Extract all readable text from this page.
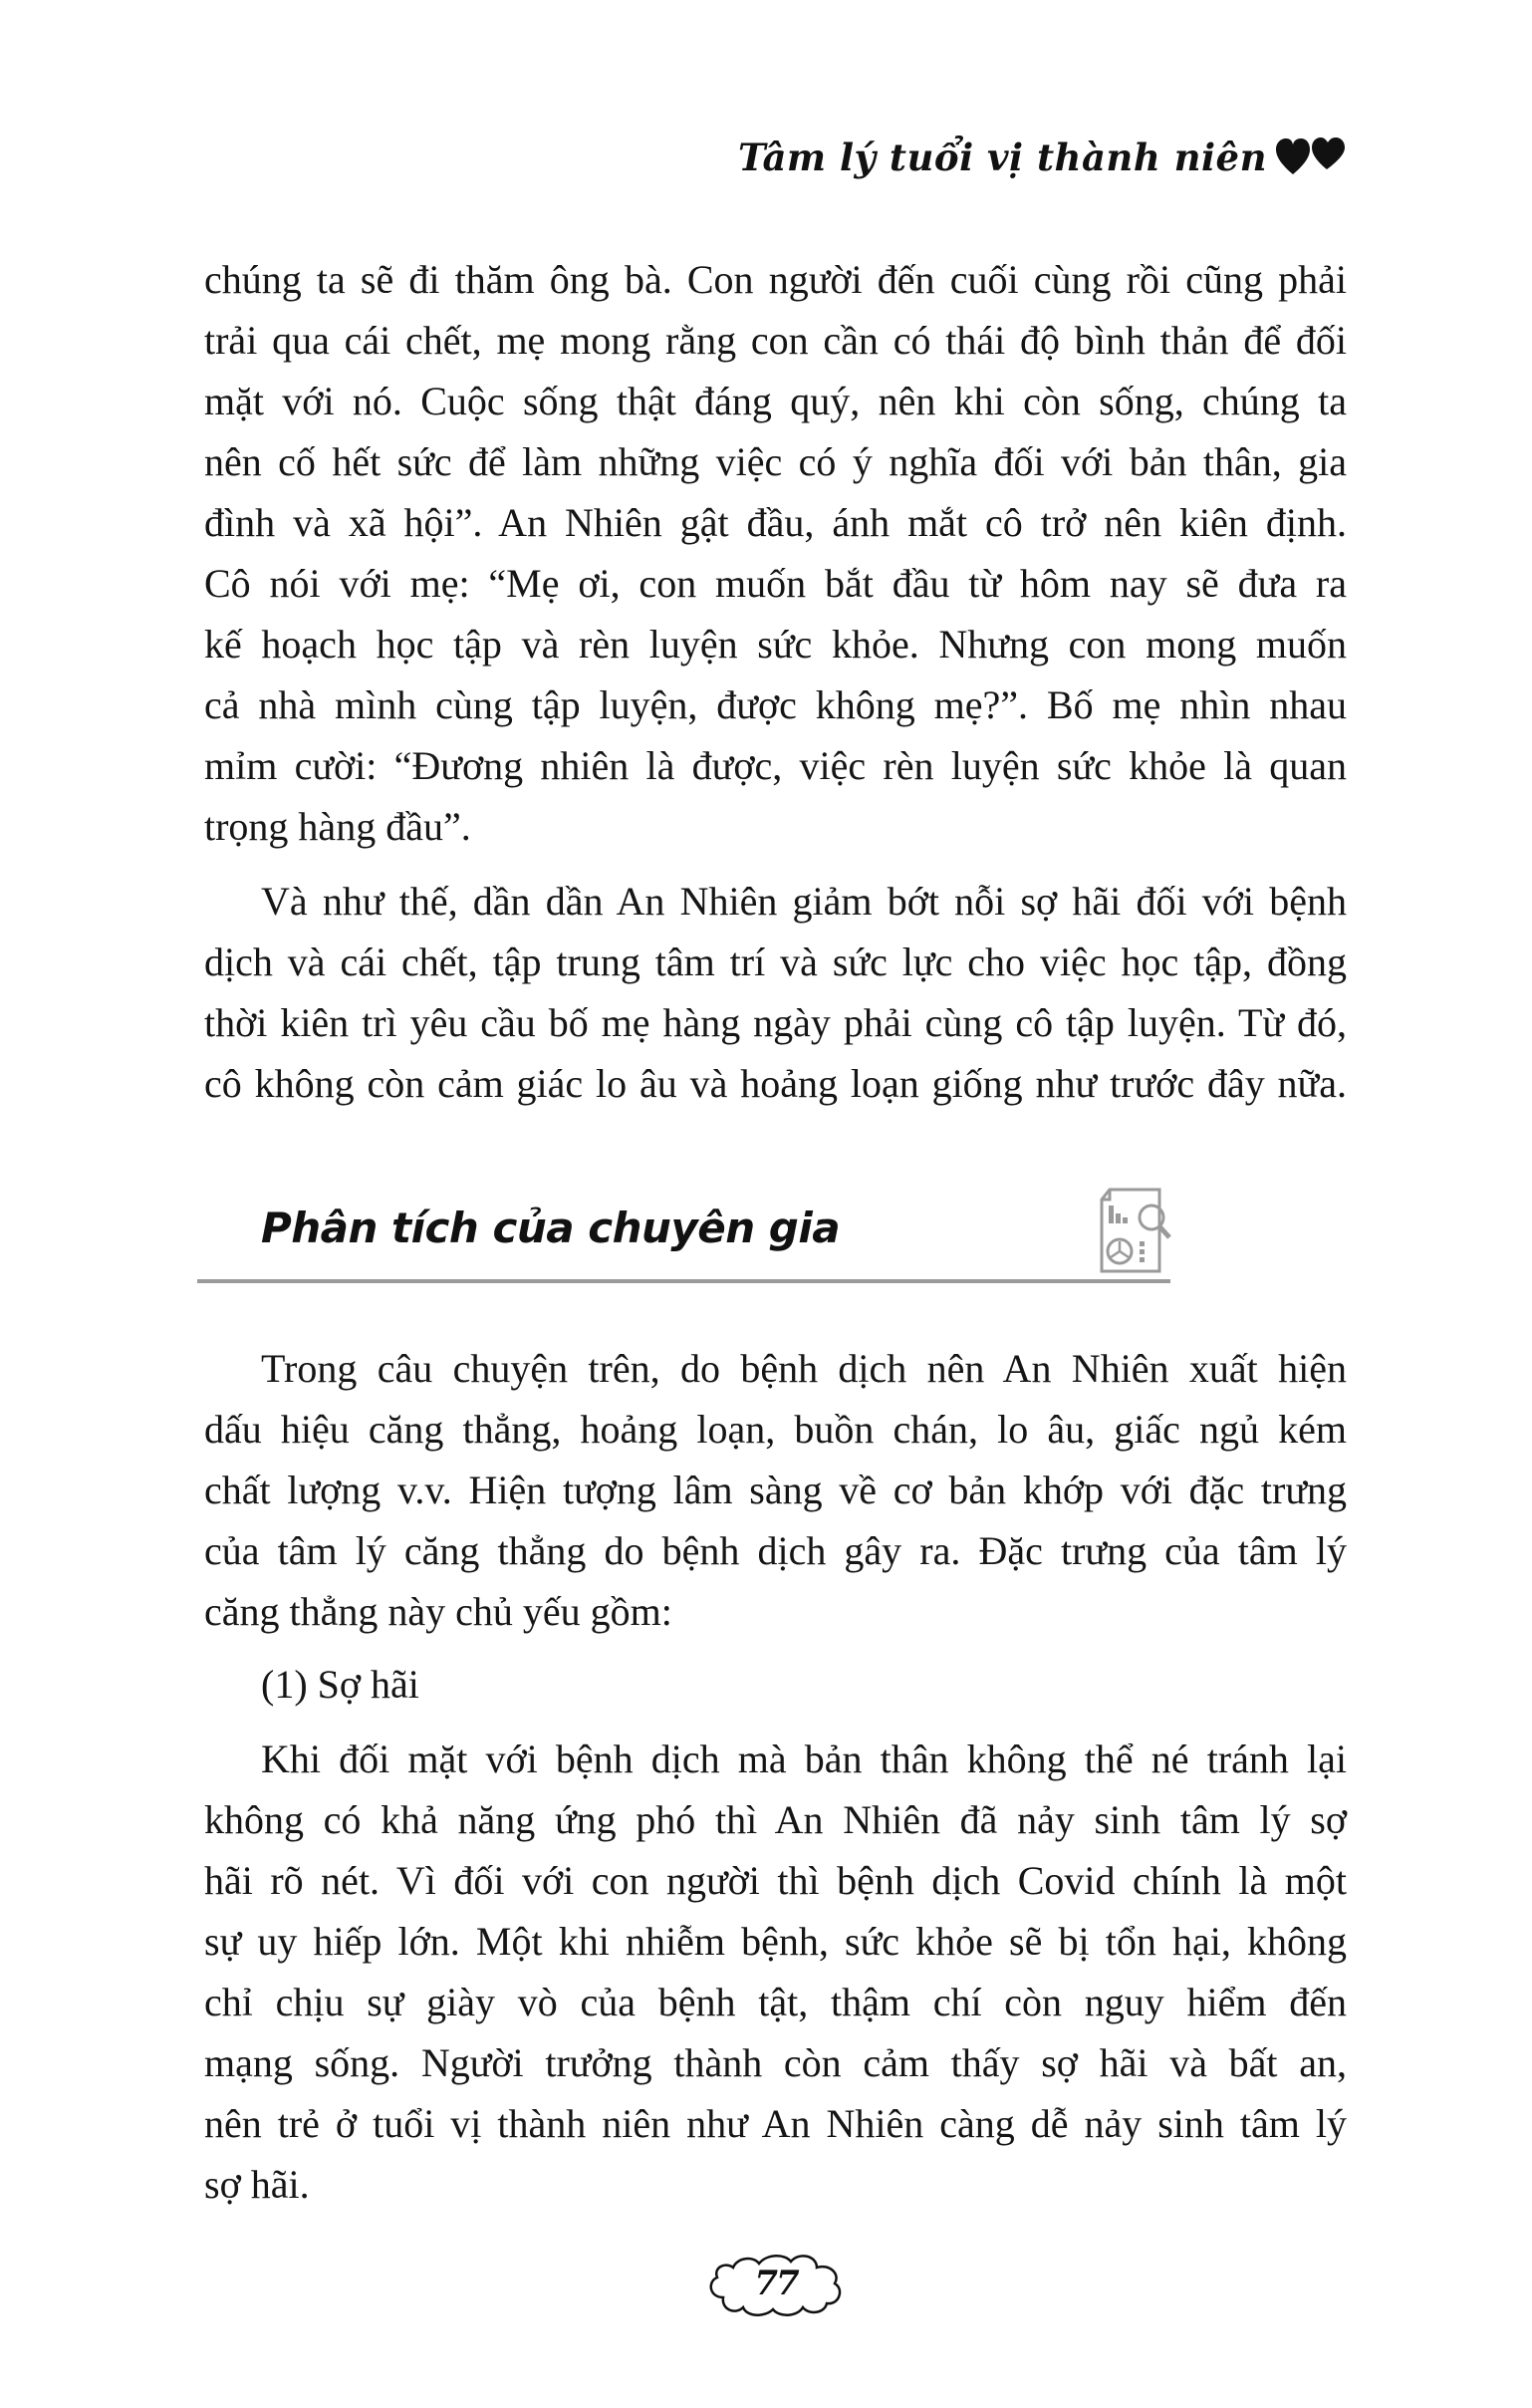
Tâm lý tuổi vị thành niên
chúng ta sẽ đi thăm ông bà. Con người đến cuối cùng rồi cũng phải
trải qua cái chết, mẹ mong rằng con cần có thái độ bình thản để đối
mặt với nó. Cuộc sống thật đáng quý, nên khi còn sống, chúng ta
nên cố hết sức để làm những việc có ý nghĩa đối với bản thân, gia
đình và xã hội”. An Nhiên gật đầu, ánh mắt cô trở nên kiên định.
Cô nói với mẹ: “Mẹ ơi, con muốn bắt đầu từ hôm nay sẽ đưa ra
kế hoạch học tập và rèn luyện sức khỏe. Nhưng con mong muốn
cả nhà mình cùng tập luyện, được không mẹ?”. Bố mẹ nhìn nhau
mỉm cười: “Đương nhiên là được, việc rèn luyện sức khỏe là quan
trọng hàng đầu”.
Và như thế, dần dần An Nhiên giảm bớt nỗi sợ hãi đối với bệnh
dịch và cái chết, tập trung tâm trí và sức lực cho việc học tập, đồng
thời kiên trì yêu cầu bố mẹ hàng ngày phải cùng cô tập luyện. Từ đó,
cô không còn cảm giác lo âu và hoảng loạn giống như trước đây nữa.
Phân tích của chuyên gia
Trong câu chuyện trên, do bệnh dịch nên An Nhiên xuất hiện
dấu hiệu căng thẳng, hoảng loạn, buồn chán, lo âu, giấc ngủ kém
chất lượng v.v. Hiện tượng lâm sàng về cơ bản khớp với đặc trưng
của tâm lý căng thẳng do bệnh dịch gây ra. Đặc trưng của tâm lý
căng thẳng này chủ yếu gồm:
(1) Sợ hãi
Khi đối mặt với bệnh dịch mà bản thân không thể né tránh lại
không có khả năng ứng phó thì An Nhiên đã nảy sinh tâm lý sợ
hãi rõ nét. Vì đối với con người thì bệnh dịch Covid chính là một
sự uy hiếp lớn. Một khi nhiễm bệnh, sức khỏe sẽ bị tổn hại, không
chỉ chịu sự giày vò của bệnh tật, thậm chí còn nguy hiểm đến
mạng sống. Người trưởng thành còn cảm thấy sợ hãi và bất an,
nên trẻ ở tuổi vị thành niên như An Nhiên càng dễ nảy sinh tâm lý
sợ hãi.
77
